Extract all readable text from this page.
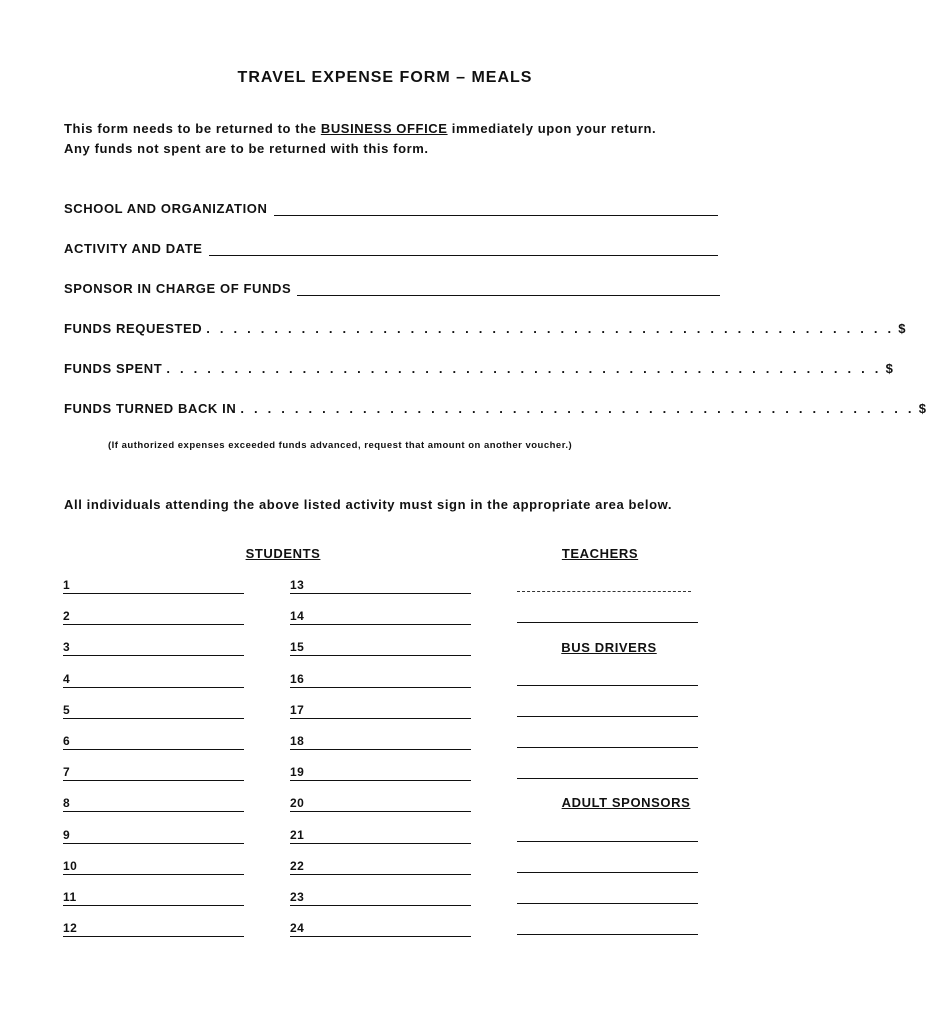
TRAVEL EXPENSE FORM – MEALS
This form needs to be returned to the BUSINESS OFFICE immediately upon your return.
Any funds not spent are to be returned with this form.
SCHOOL AND ORGANIZATION
ACTIVITY AND DATE
SPONSOR IN CHARGE OF FUNDS
FUNDS REQUESTED . . . . . . . . . . . . . . . . . . . . . . . . . . . . . . . . . . . . . . . . . . . . . . . . . . . $
FUNDS SPENT . . . . . . . . . . . . . . . . . . . . . . . . . . . . . . . . . . . . . . . . . . . . . . . . . . . . . $
FUNDS TURNED BACK IN . . . . . . . . . . . . . . . . . . . . . . . . . . . . . . . . . . . . . . . . . . . . . . . . . . $
(If authorized expenses exceeded funds advanced, request that amount on another voucher.)
All individuals attending the above listed activity must sign in the appropriate area below.
STUDENTS	TEACHERS
BUS DRIVERS
ADULT SPONSORS
1
2
3
4
5
6
7
8
9
10
11
12
13
14
15
16
17
18
19
20
21
22
23
24
